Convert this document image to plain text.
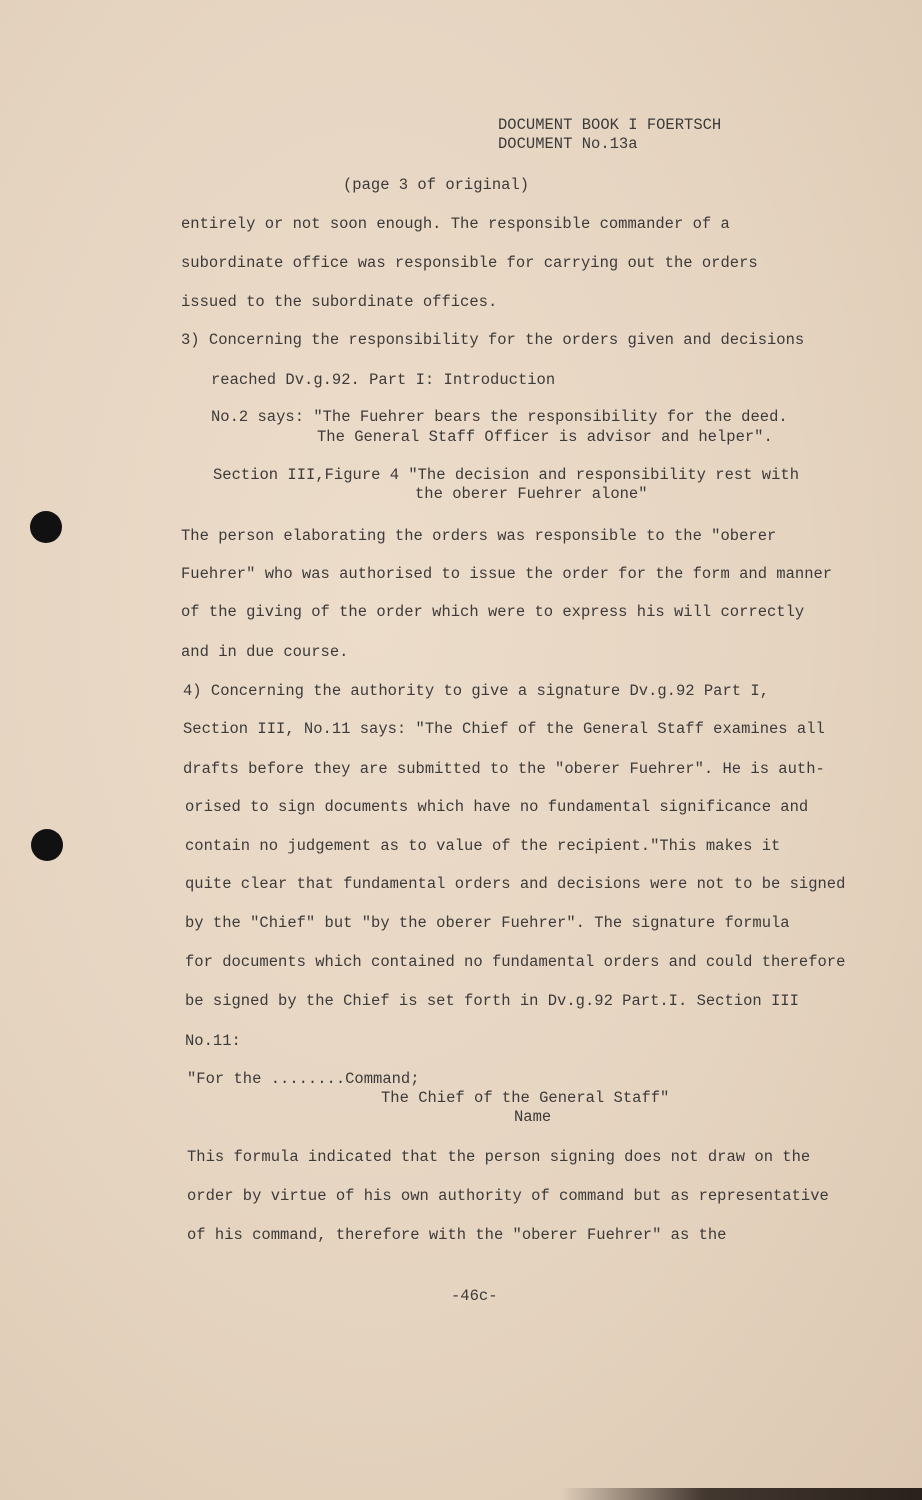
DOCUMENT BOOK I FOERTSCH
DOCUMENT No.13a
(page 3 of original)
entirely or not soon enough. The responsible commander of a
subordinate office was responsible for carrying out the orders
issued to the subordinate offices.
3) Concerning the responsibility for the orders given and decisions
reached Dv.g.92. Part I: Introduction
No.2 says: "The Fuehrer bears the responsibility for the deed.
The General Staff Officer is advisor and helper".
Section III,Figure 4 "The decision and responsibility rest with
the oberer Fuehrer alone"
The person elaborating the orders was responsible to the "oberer
Fuehrer" who was authorised to issue the order for the form and manner
of the giving of the order which were to express his will correctly
and in due course.
4) Concerning the authority to give a signature Dv.g.92 Part I,
Section III, No.11 says: "The Chief of the General Staff examines all
drafts before they are submitted to the "oberer Fuehrer". He is auth-
orised to sign documents which have no fundamental significance and
contain no judgement as to value of the recipient."This makes it
quite clear that fundamental orders and decisions were not to be signed
by the "Chief" but "by the oberer Fuehrer". The signature formula
for documents which contained no fundamental orders and could therefore
be signed by the Chief is set forth in Dv.g.92 Part.I. Section III
No.11:
"For the ........Command;
The Chief of the General Staff"
Name
This formula indicated that the person signing does not draw on the
order by virtue of his own authority of command but as representative
of his command, therefore with the "oberer Fuehrer" as the
-46c-
